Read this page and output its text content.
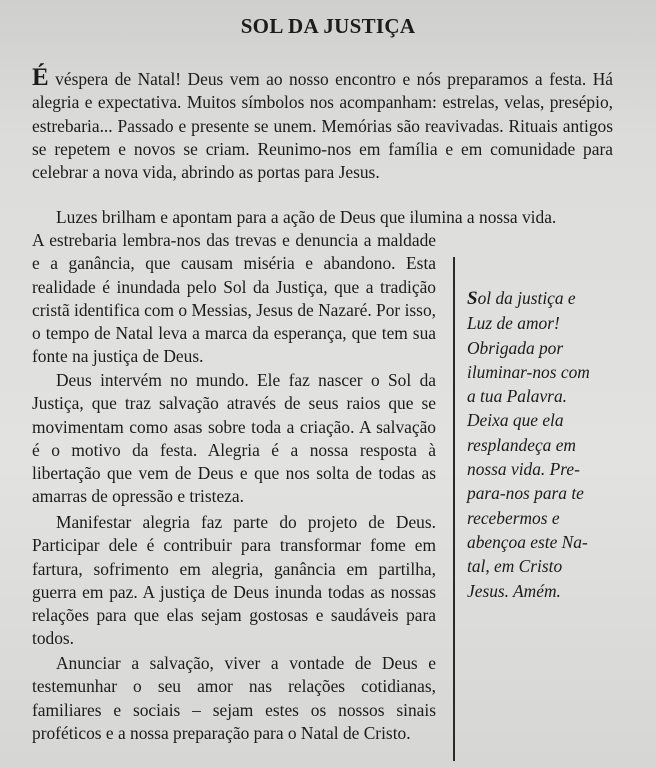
SOL DA JUSTIÇA

É véspera de Natal! Deus vem ao nosso encontro e nós preparamos a festa. Há alegria e expectativa. Muitos símbolos nos acompanham: estrelas, velas, presépio, estrebaria... Passado e presente se unem. Memórias são reavivadas. Rituais antigos se repetem e novos se criam. Reunimo-nos em família e em comunidade para celebrar a nova vida, abrindo as portas para Jesus.

Luzes brilham e apontam para a ação de Deus que ilumina a nossa vida.

A estrebaria lembra-nos das trevas e denuncia a maldade e a ganância, que causam miséria e abandono. Esta realidade é inundada pelo Sol da Justiça, que a tradição cristã identifica com o Messias, Jesus de Nazaré. Por isso, o tempo de Natal leva a marca da esperança, que tem sua fonte na justiça de Deus.

Deus intervém no mundo. Ele faz nascer o Sol da Justiça, que traz salvação através de seus raios que se movimentam como asas sobre toda a criação. A salvação é o motivo da festa. Alegria é a nossa resposta à libertação que vem de Deus e que nos solta de todas as amarras de opressão e tristeza.

Manifestar alegria faz parte do projeto de Deus. Participar dele é contribuir para transformar fome em fartura, sofrimento em alegria, ganância em partilha, guerra em paz. A justiça de Deus inunda todas as nossas relações para que elas sejam gostosas e saudáveis para todos.

Anunciar a salvação, viver a vontade de Deus e testemunhar o seu amor nas relações cotidianas, familiares e sociais – sejam estes os nossos sinais proféticos e a nossa preparação para o Natal de Cristo.

Sol da justiça e
Luz de amor!
Obrigada por
iluminar-nos com
a tua Palavra.
Deixa que ela
resplandeça em
nossa vida. Pre-
para-nos para te
recebermos e
abençoa este Na-
tal, em Cristo
Jesus. Amém.
